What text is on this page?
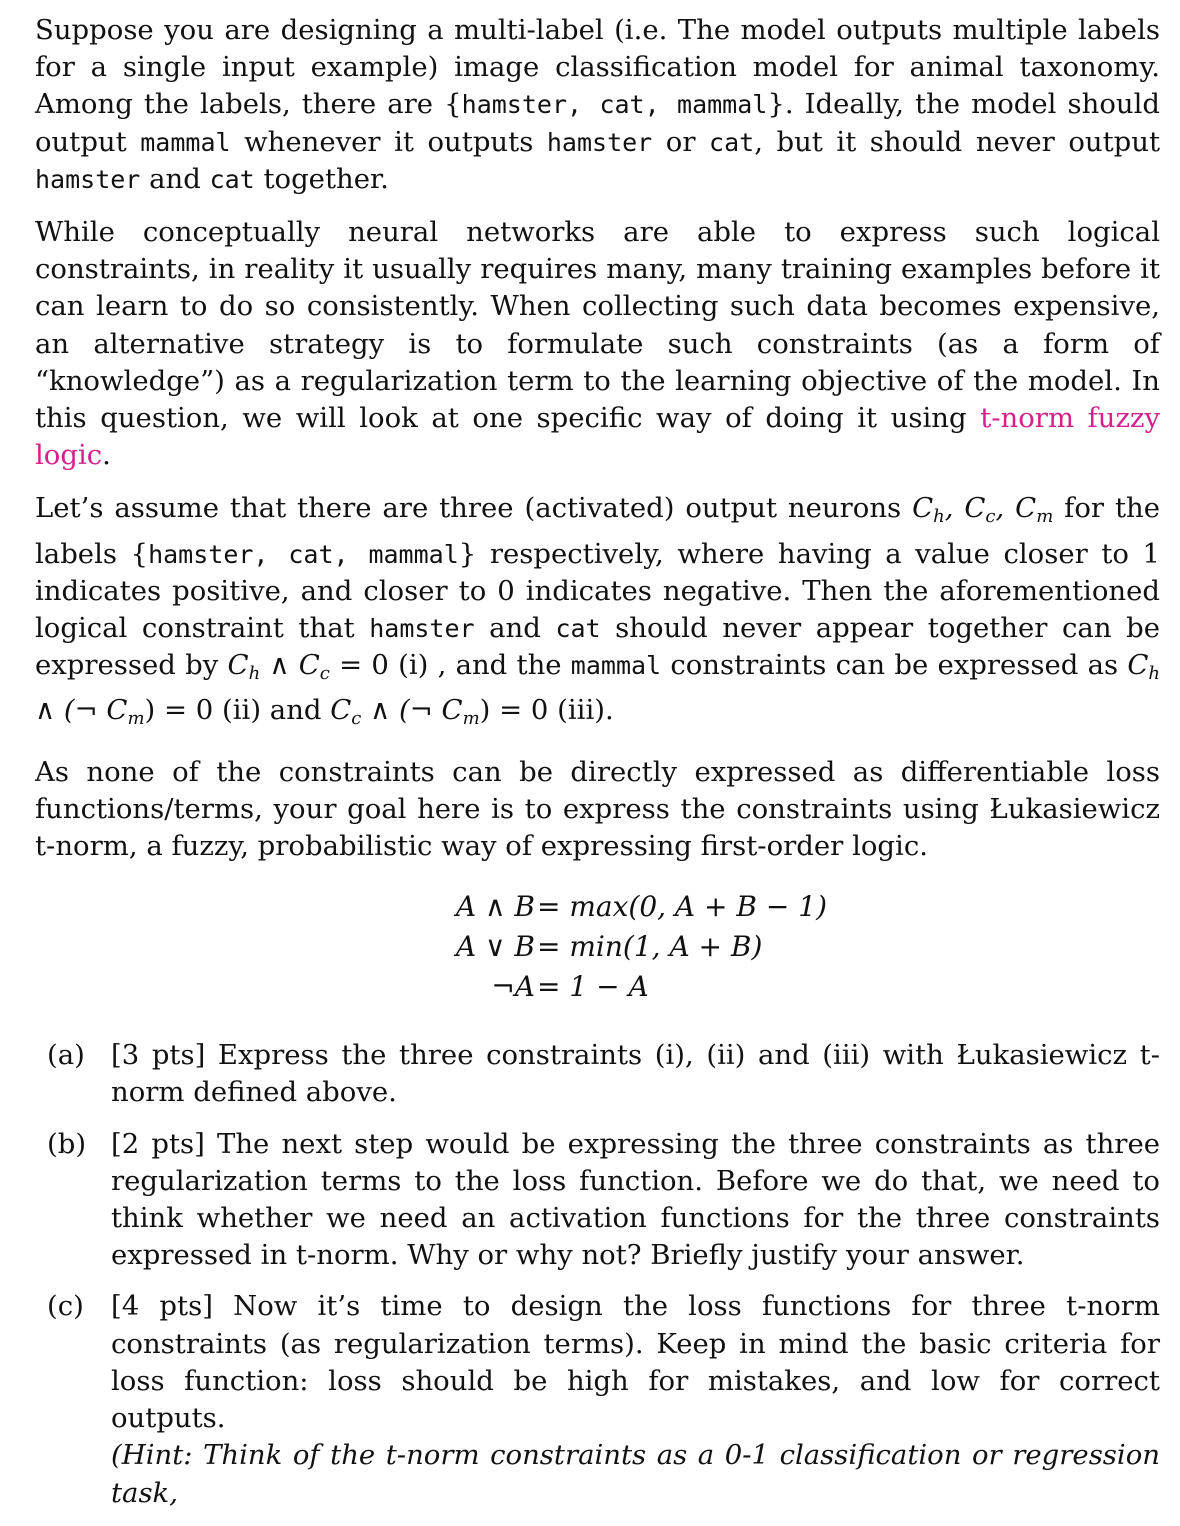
Suppose you are designing a multi-label (i.e. The model outputs multiple labels for a single input example) image classification model for animal taxonomy. Among the labels, there are {hamster, cat, mammal}. Ideally, the model should output mammal whenever it outputs hamster or cat, but it should never output hamster and cat together.

While conceptually neural networks are able to express such logical constraints, in reality it usually requires many, many training examples before it can learn to do so consistently. When collecting such data becomes expensive, an alternative strategy is to formulate such constraints (as a form of “knowledge”) as a regularization term to the learning objective of the model. In this question, we will look at one specific way of doing it using t-norm fuzzy logic.

Let’s assume that there are three (activated) output neurons $C_h$, $C_c$, $C_m$ for the labels {hamster, cat, mammal} respectively, where having a value closer to 1 indicates positive, and closer to 0 indicates negative. Then the aforementioned logical constraint that hamster and cat should never appear together can be expressed by $C_h$ ∧ $C_c = 0$ (i) , and the mammal constraints can be expressed as $C_h$ ∧ (¬ $C_m) = 0$ (ii) and $C_c$ ∧ (¬ $C_m) = 0$ (iii).

As none of the constraints can be directly expressed as differentiable loss functions/terms, your goal here is to express the constraints using Łukasiewicz t-norm, a fuzzy, probabilistic way of expressing first-order logic.

A ∧ B = max(0, A + B − 1)
A ∨ B = min(1, A + B)
¬A = 1 − A
(a) [3 pts] Express the three constraints (i), (ii) and (iii) with Łukasiewicz t-norm defined above.
(b) [2 pts] The next step would be expressing the three constraints as three regularization terms to the loss function. Before we do that, we need to think whether we need an activation functions for the three constraints expressed in t-norm. Why or why not? Briefly justify your answer.
(c) [4 pts] Now it’s time to design the loss functions for three t-norm constraints (as regularization terms). Keep in mind the basic criteria for loss function: loss should be high for mistakes, and low for correct outputs.
(Hint: Think of the t-norm constraints as a 0-1 classification or regression task,
